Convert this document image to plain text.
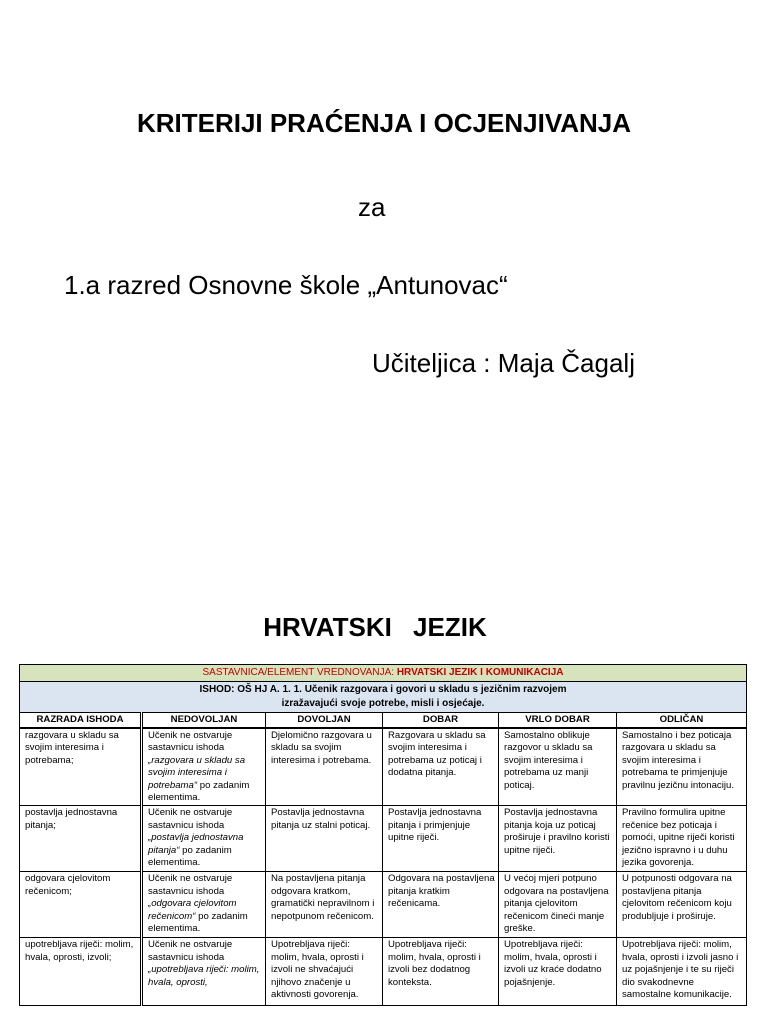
KRITERIJI PRAĆENJA I OCJENJIVANJA
za
1.a razred Osnovne škole „Antunovac“
Učiteljica : Maja Čagalj
HRVATSKI JEZIK
SASTAVNICA/ELEMENT VREDNOVANJA: HRVATSKI JEZIK I KOMUNIKACIJA					

ISHOD: OŠ HJ A. 1. 1. Učenik razgovara i govori u skladu s jezičnim razvojem
izražavajući svoje potrebe, misli i osjećaje.					

RAZRADA ISHODA	NEDOVOLJAN	DOVOLJAN	DOBAR	VRLO DOBAR	ODLIČAN
razgovara u skladu sa svojim interesima i potrebama;	Učenik ne ostvaruje sastavnicu ishoda „razgovara u skladu sa svojim interesima i potrebama“ po zadanim elementima.	Djelomično razgovara u skladu sa svojim interesima i potrebama.	Razgovara u skladu sa svojim interesima i potrebama uz poticaj i dodatna pitanja.	Samostalno oblikuje razgovor u skladu sa svojim interesima i potrebama uz manji poticaj.	Samostalno i bez poticaja razgovara u skladu sa svojim interesima i potrebama te primjenjuje pravilnu jezičnu intonaciju.
postavlja jednostavna pitanja;	Učenik ne ostvaruje sastavnicu ishoda „postavlja jednostavna pitanja“ po zadanim elementima.	Postavlja jednostavna pitanja uz stalni poticaj.	Postavlja jednostavna pitanja i primjenjuje upitne riječi.	Postavlja jednostavna pitanja koja uz poticaj proširuje i pravilno koristi upitne riječi.	Pravilno formulira upitne rečenice bez poticaja i pomoći, upitne riječi koristi jezično ispravno i u duhu jezika govorenja.
odgovara cjelovitom rečenicom;	Učenik ne ostvaruje sastavnicu ishoda „odgovara cjelovitom rečenicom“ po zadanim elementima.	Na postavljena pitanja odgovara kratkom, gramatički nepravilnom i nepotpunom rečenicom.	Odgovara na postavljena pitanja kratkim rečenicama.	U većoj mjeri potpuno odgovara na postavljena pitanja cjelovitom rečenicom čineći manje greške.	U potpunosti odgovara na postavljena pitanja cjelovitom rečenicom koju produbljuje i proširuje.
upotrebljava riječi: molim, hvala, oprosti, izvoli;	Učenik ne ostvaruje sastavnicu ishoda „upotrebljava riječi: molim, hvala, oprosti,	Upotrebljava riječi: molim, hvala, oprosti i izvoli ne shvaćajući njihovo značenje u aktivnosti govorenja.	Upotrebljava riječi: molim, hvala, oprosti i izvoli bez dodatnog konteksta.	Upotrebljava riječi: molim, hvala, oprosti i izvoli uz kraće dodatno pojašnjenje.	Upotrebljava riječi: molim, hvala, oprosti i izvoli jasno i uz pojašnjenje i te su riječi dio svakodnevne samostalne komunikacije.
